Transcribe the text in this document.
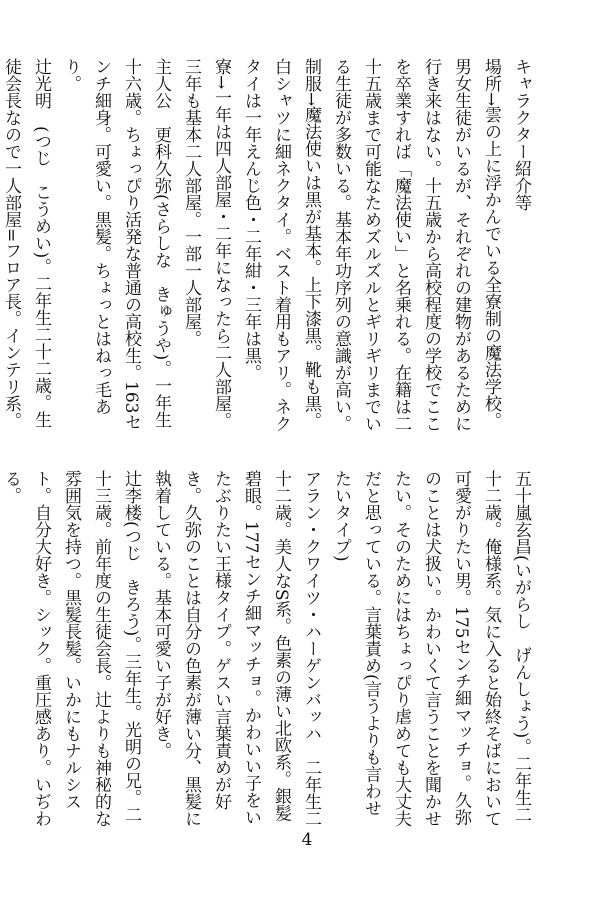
キャラクター紹介等
場所→雲の上に浮かんでいる全寮制の魔法学校。男女生徒がいるが、それぞれの建物があるために行き来はない。十五歳から高校程度の学校でここを卒業すれば「魔法使い」と名乗れる。在籍は二十五歳まで可能なためズルズルとギリギリまでいる生徒が多数いる。基本年功序列の意識が高い。
制服→魔法使いは黒が基本。上下漆黒。靴も黒。白シャツに細ネクタイ。ベスト着用もアリ。ネクタイは一年えんじ色・二年紺・三年は黒。
寮→一年は四人部屋・二年になったら二人部屋。三年も基本二人部屋。一部一人部屋。
主人公　更科久弥(さらしな　きゅうや)。一年生十六歳。ちょっぴり活発な普通の高校生。163センチ細身。可愛い。黒髪。ちょっとはねっ毛あり。
辻光明　(つじ　こうめい)。二年生二十二歳。生徒会長なので一人部屋=フロア長。インテリ系。
五十嵐玄昌(いがらし　げんしょう)。二年生二十二歳。俺様系。気に入ると始終そばにおいて可愛がりたい男。175センチ細マッチョ。久弥のことは犬扱い。かわいくて言うことを聞かせたい。そのためにはちょっぴり虐めても大丈夫だと思っている。言葉責め(言うよりも言わせたいタイプ)
アラン・クワイツ・ハーゲンバッハ　二年生二十二歳。美人なS系。色素の薄い北欧系。銀髪碧眼。177センチ細マッチョ。かわいい子をいたぶりたい王様タイプ。ゲスい言葉責めが好き。久弥のことは自分の色素が薄い分、黒髪に執着している。基本可愛い子が好き。
辻李楼(つじ　きろう)。三年生。光明の兄。二十三歳。前年度の生徒会長。辻よりも神秘的な雰囲気を持つ。黒髪長髪。いかにもナルシスト。自分大好き。シック。重圧感あり。いぢわる。
4
